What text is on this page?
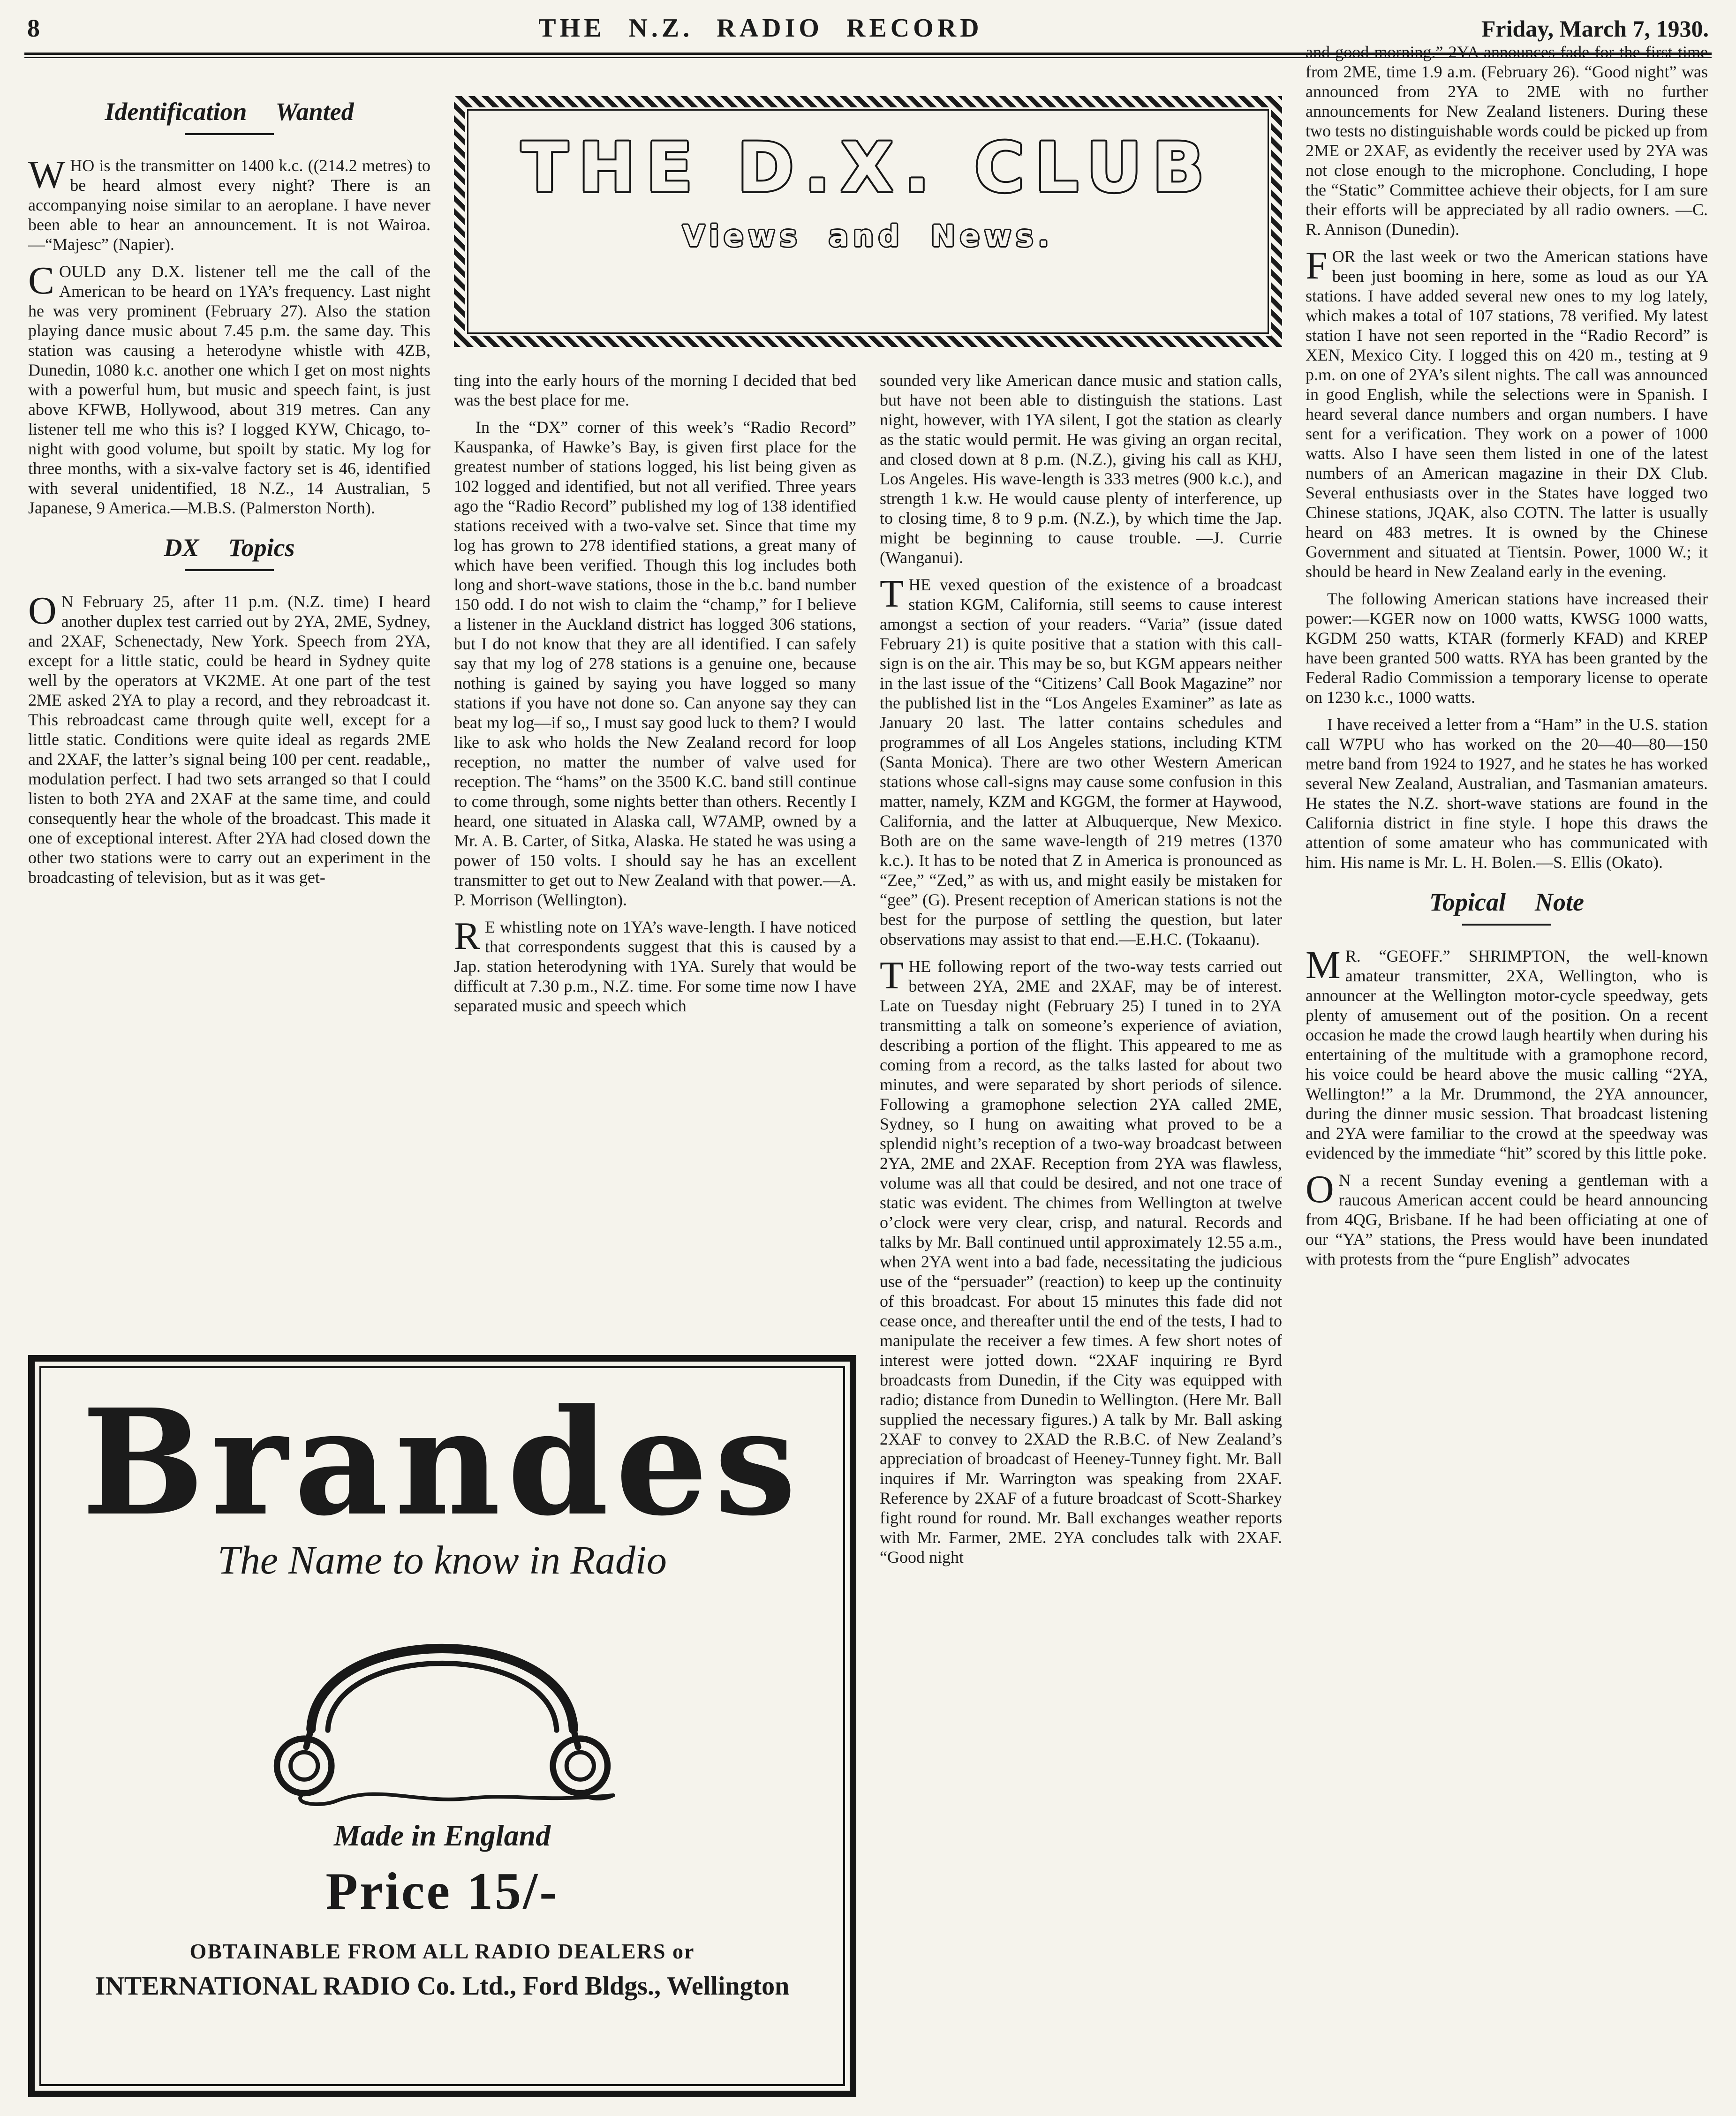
8	THE N.Z. RADIO RECORD	Friday, March 7, 1930.
THE D.X. CLUB
Views and News.
Identification Wanted

WHO is the transmitter on 1400 k.c. ((214.2 metres) to be heard almost every night? There is an accompanying noise similar to an aeroplane. I have never been able to hear an announcement. It is not Wairoa.—“Majesc” (Napier).

COULD any D.X. listener tell me the call of the American to be heard on 1YA’s frequency. Last night he was very prominent (February 27). Also the station playing dance music about 7.45 p.m. the same day. This station was causing a heterodyne whistle with 4ZB, Dunedin, 1080 k.c. another one which I get on most nights with a powerful hum, but music and speech faint, is just above KFWB, Hollywood, about 319 metres. Can any listener tell me who this is? I logged KYW, Chicago, to-night with good volume, but spoilt by static. My log for three months, with a six-valve factory set is 46, identified with several unidentified, 18 N.Z., 14 Australian, 5 Japanese, 9 America.—M.B.S. (Palmerston North).

DX Topics

O N February 25, after 11 p.m. (N.Z. time) I heard another duplex test carried out by 2YA, 2ME, Sydney, and 2XAF, Schenectady, New York. Speech from 2YA, except for a little static, could be heard in Sydney quite well by the operators at VK2ME. At one part of the test 2ME asked 2YA to play a record, and they rebroadcast it. This rebroadcast came through quite well, except for a little static. Conditions were quite ideal as regards 2ME and 2XAF, the latter’s signal being 100 per cent. readable,, modulation perfect. I had two sets arranged so that I could listen to both 2YA and 2XAF at the same time, and could consequently hear the whole of the broadcast. This made it one of exceptional interest. After 2YA had closed down the other two stations were to carry out an experiment in the broadcasting of television, but as it was get-

ting into the early hours of the morning I decided that bed was the best place for me.

In the “DX” corner of this week’s “Radio Record” Kauspanka, of Hawke’s Bay, is given first place for the greatest number of stations logged, his list being given as 102 logged and identified, but not all verified. Three years ago the “Radio Record” published my log of 138 identified stations received with a two-valve set. Since that time my log has grown to 278 identified stations, a great many of which have been verified. Though this log includes both long and short-wave stations, those in the b.c. band number 150 odd. I do not wish to claim the “champ,” for I believe a listener in the Auckland district has logged 306 stations, but I do not know that they are all identified. I can safely say that my log of 278 stations is a genuine one, because nothing is gained by saying you have logged so many stations if you have not done so. Can anyone say they can beat my log—if so,, I must say good luck to them? I would like to ask who holds the New Zealand record for loop reception, no matter the number of valve used for reception. The “hams” on the 3500 K.C. band still continue to come through, some nights better than others. Recently I heard, one situated in Alaska call, W7AMP, owned by a Mr. A. B. Carter, of Sitka, Alaska. He stated he was using a power of 150 volts. I should say he has an excellent transmitter to get out to New Zealand with that power.—A. P. Morrison (Wellington).

R E whistling note on 1YA’s wave-length. I have noticed that correspondents suggest that this is caused by a Jap. station heterodyning with 1YA. Surely that would be difficult at 7.30 p.m., N.Z. time. For some time now I have separated music and speech which

sounded very like American dance music and station calls, but have not been able to distinguish the stations. Last night, however, with 1YA silent, I got the station as clearly as the static would permit. He was giving an organ recital, and closed down at 8 p.m. (N.Z.), giving his call as KHJ, Los Angeles. His wave-length is 333 metres (900 k.c.), and strength 1 k.w. He would cause plenty of interference, up to closing time, 8 to 9 p.m. (N.Z.), by which time the Jap. might be beginning to cause trouble. —J. Currie (Wanganui).

THE vexed question of the existence of a broadcast station KGM, California, still seems to cause interest amongst a section of your readers. “Varia” (issue dated February 21) is quite positive that a station with this call-sign is on the air. This may be so, but KGM appears neither in the last issue of the “Citizens’ Call Book Magazine” nor the published list in the “Los Angeles Examiner” as late as January 20 last. The latter contains schedules and programmes of all Los Angeles stations, including KTM (Santa Monica). There are two other Western American stations whose call-signs may cause some confusion in this matter, namely, KZM and KGGM, the former at Haywood, California, and the latter at Albuquerque, New Mexico. Both are on the same wave-length of 219 metres (1370 k.c.). It has to be noted that Z in America is pronounced as “Zee,” “Zed,” as with us, and might easily be mistaken for “gee” (G). Present reception of American stations is not the best for the purpose of settling the question, but later observations may assist to that end.—E.H.C. (Tokaanu).

THE following report of the two-way tests carried out between 2YA, 2ME and 2XAF, may be of interest. Late on Tuesday night (February 25) I tuned in to 2YA transmitting a talk on someone’s experience of aviation, describing a portion of the flight. This appeared to me as coming from a record, as the talks lasted for about two minutes, and were separated by short periods of silence. Following a gramophone selection 2YA called 2ME, Sydney, so I hung on awaiting what proved to be a splendid night’s reception of a two-way broadcast between 2YA, 2ME and 2XAF. Reception from 2YA was flawless, volume was all that could be desired, and not one trace of static was evident. The chimes from Wellington at twelve o’clock were very clear, crisp, and natural. Records and talks by Mr. Ball continued until approximately 12.55 a.m., when 2YA went into a bad fade, necessitating the judicious use of the “persuader” (reaction) to keep up the continuity of this broadcast. For about 15 minutes this fade did not cease once, and thereafter until the end of the tests, I had to manipulate the receiver a few times. A few short notes of interest were jotted down. “2XAF inquiring re Byrd broadcasts from Dunedin, if the City was equipped with radio; distance from Dunedin to Wellington. (Here Mr. Ball supplied the necessary figures.) A talk by Mr. Ball asking 2XAF to convey to 2XAD the R.B.C. of New Zealand’s appreciation of broadcast of Heeney-Tunney fight. Mr. Ball inquires if Mr. Warrington was speaking from 2XAF. Reference by 2XAF of a future broadcast of Scott-Sharkey fight round for round. Mr. Ball exchanges weather reports with Mr. Farmer, 2ME. 2YA concludes talk with 2XAF. “Good night

and good morning.” 2YA announces fade for the first time from 2ME, time 1.9 a.m. (February 26). “Good night” was announced from 2YA to 2ME with no further announcements for New Zealand listeners. During these two tests no distinguishable words could be picked up from 2ME or 2XAF, as evidently the receiver used by 2YA was not close enough to the microphone. Concluding, I hope the “Static” Committee achieve their objects, for I am sure their efforts will be appreciated by all radio owners. —C. R. Annison (Dunedin).

FOR the last week or two the American stations have been just booming in here, some as loud as our YA stations. I have added several new ones to my log lately, which makes a total of 107 stations, 78 verified. My latest station I have not seen reported in the “Radio Record” is XEN, Mexico City. I logged this on 420 m., testing at 9 p.m. on one of 2YA’s silent nights. The call was announced in good English, while the selections were in Spanish. I heard several dance numbers and organ numbers. I have sent for a verification. They work on a power of 1000 watts. Also I have seen them listed in one of the latest numbers of an American magazine in their DX Club. Several enthusiasts over in the States have logged two Chinese stations, JQAK, also COTN. The latter is usually heard on 483 metres. It is owned by the Chinese Government and situated at Tientsin. Power, 1000 W.; it should be heard in New Zealand early in the evening.

The following American stations have increased their power:—KGER now on 1000 watts, KWSG 1000 watts, KGDM 250 watts, KTAR (formerly KFAD) and KREP have been granted 500 watts. RYA has been granted by the Federal Radio Commission a temporary license to operate on 1230 k.c., 1000 watts.

I have received a letter from a “Ham” in the U.S. station call W7PU who has worked on the 20—40—80—150 metre band from 1924 to 1927, and he states he has worked several New Zealand, Australian, and Tasmanian amateurs. He states the N.Z. short-wave stations are found in the California district in fine style. I hope this draws the attention of some amateur who has communicated with him. His name is Mr. L. H. Bolen.—S. Ellis (Okato).

Topical Note

M R. “GEOFF.” SHRIMPTON, the well-known amateur transmitter, 2XA, Wellington, who is announcer at the Wellington motor-cycle speedway, gets plenty of amusement out of the position. On a recent occasion he made the crowd laugh heartily when during his entertaining of the multitude with a gramophone record, his voice could be heard above the music calling “2YA, Wellington!” a la Mr. Drummond, the 2YA announcer, during the dinner music session. That broadcast listening and 2YA were familiar to the crowd at the speedway was evidenced by the immediate “hit” scored by this little poke.

O N a recent Sunday evening a gentleman with a raucous American accent could be heard announcing from 4QG, Brisbane. If he had been officiating at one of our “YA” stations, the Press would have been inundated with protests from the “pure English” advocates

Brandes
The Name to know in Radio
Made in England
Price 15/-
OBTAINABLE FROM ALL RADIO DEALERS or
INTERNATIONAL RADIO Co. Ltd., Ford Bldgs., Wellington
